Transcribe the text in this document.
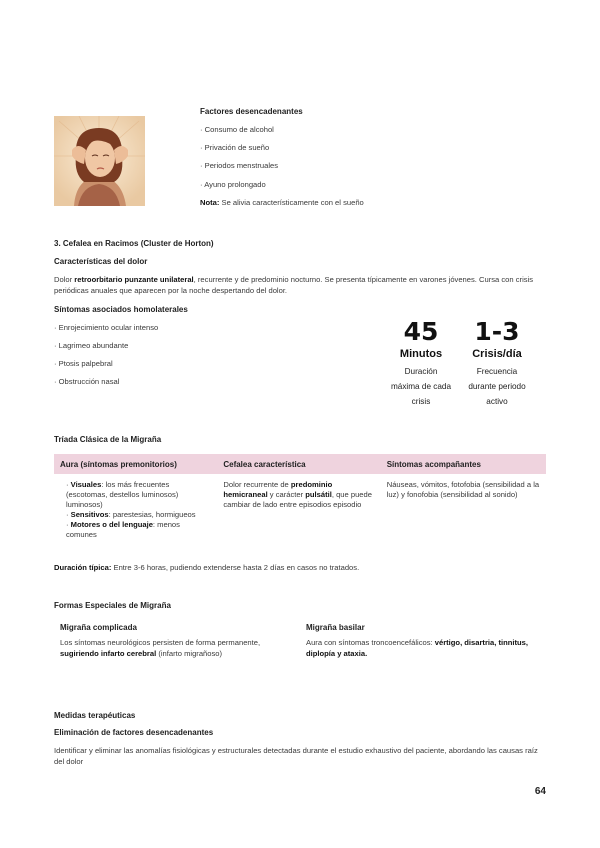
Factores desencadenantes
· Consumo de alcohol
· Privación de sueño
· Periodos menstruales
· Ayuno prolongado
Nota: Se alivia característicamente con el sueño
3. Cefalea en Racimos (Cluster de Horton)
Características del dolor
Dolor retroorbitario punzante unilateral, recurrente y de predominio nocturno. Se presenta típicamente en varones jóvenes. Cursa con crisis periódicas anuales que aparecen por la noche despertando del dolor.
Síntomas asociados homolaterales
· Enrojecimiento ocular intenso
· Lagrimeo abundante
· Ptosis palpebral
· Obstrucción nasal
45
Minutos
Duración
máxima de cada
crisis
1-3
Crisis/día
Frecuencia
durante periodo
activo
Tríada Clásica de la Migraña
Aura (síntomas premonitorios)	Cefalea característica	Síntomas acompañantes
· Visuales: los más frecuentes (escotomas, destellos luminosos)
luminosos)
· Sensitivos: parestesias, hormigueos
· Motores o del lenguaje: menos comunes
Dolor recurrente de predominio hemicraneal y carácter pulsátil, que puede cambiar de lado entre episodios episodio
Náuseas, vómitos, fotofobia (sensibilidad a la luz) y fonofobia (sensibilidad al sonido)
Duración típica: Entre 3-6 horas, pudiendo extenderse hasta 2 días en casos no tratados.
Formas Especiales de Migraña
Migraña complicada
Los síntomas neurológicos persisten de forma permanente, sugiriendo infarto cerebral (infarto migrañoso)
Migraña basilar
Aura con síntomas troncoencefálicos: vértigo, disartria, tinnitus, diplopía y ataxia.
Medidas terapéuticas
Eliminación de factores desencadenantes
Identificar y eliminar las anomalías fisiológicas y estructurales detectadas durante el estudio exhaustivo del paciente, abordando las causas raíz del dolor
64
